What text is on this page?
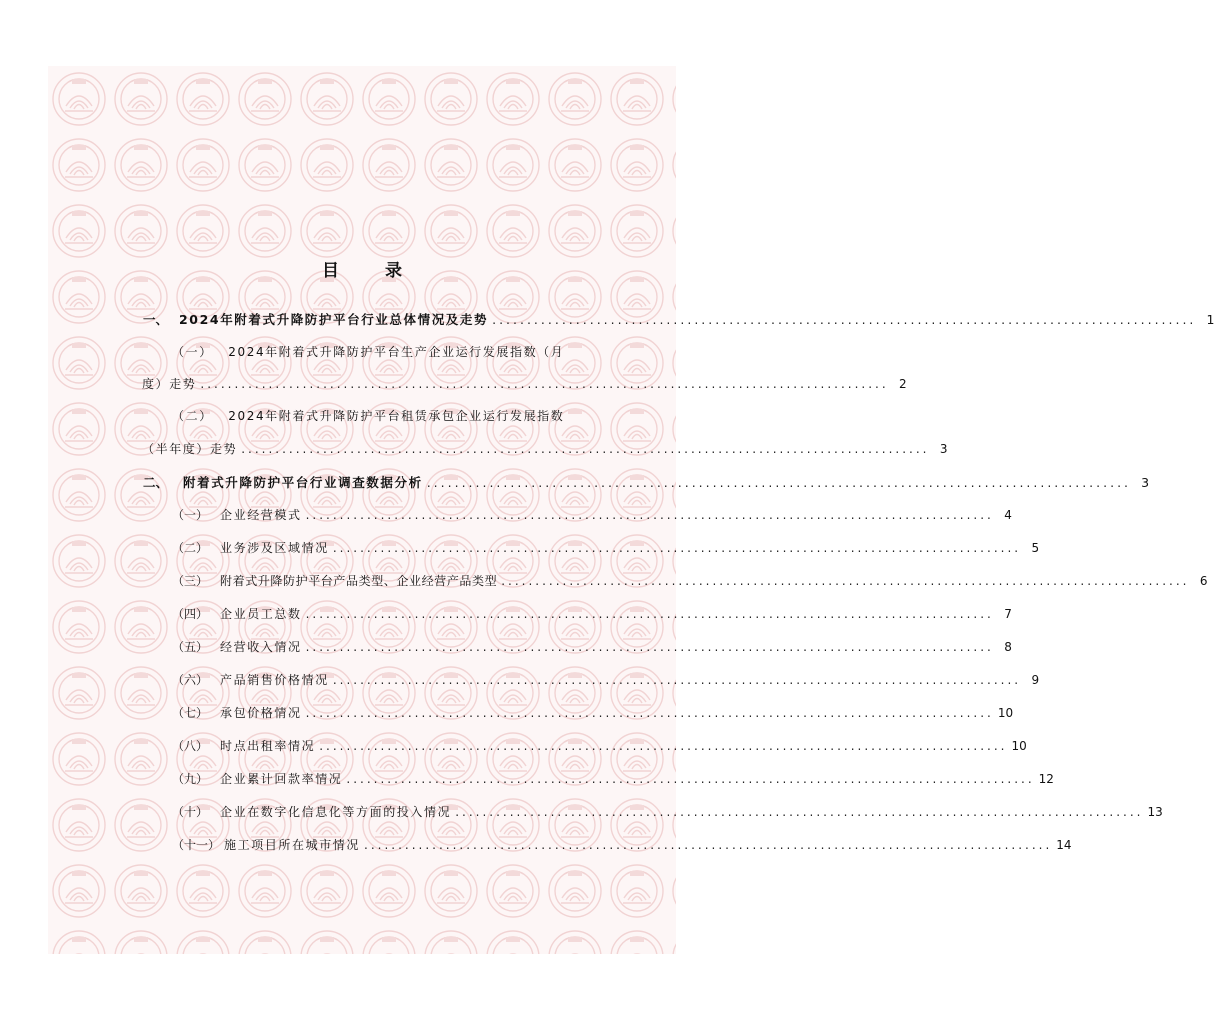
目 录
一、 2024年附着式升降防护平台行业总体情况及走势 ..................................................................................................... 1
（一） 2024年附着式升降防护平台生产企业运行发展指数（月
度）走势 ..................................................................................................... 2
（二） 2024年附着式升降防护平台租赁承包企业运行发展指数
（半年度）走势 ..................................................................................................... 3
二、	附着式升降防护平台行业调查数据分析 ..................................................................................................... 3
（一） 企业经营模式 ..................................................................................................... 4
（二） 业务涉及区域情况 ..................................................................................................... 5
（三） 附着式升降防护平台产品类型、企业经营产品类型 ..................................................................................................... 6
（四） 企业员工总数 ..................................................................................................... 7
（五） 经营收入情况 ..................................................................................................... 8
（六） 产品销售价格情况 ..................................................................................................... 9
（七） 承包价格情况 ..................................................................................................... 10
（八） 时点出租率情况 ..................................................................................................... 10
（九） 企业累计回款率情况 ..................................................................................................... 12
（十） 企业在数字化信息化等方面的投入情况 ..................................................................................................... 13
（十一） 施工项目所在城市情况 ..................................................................................................... 14
